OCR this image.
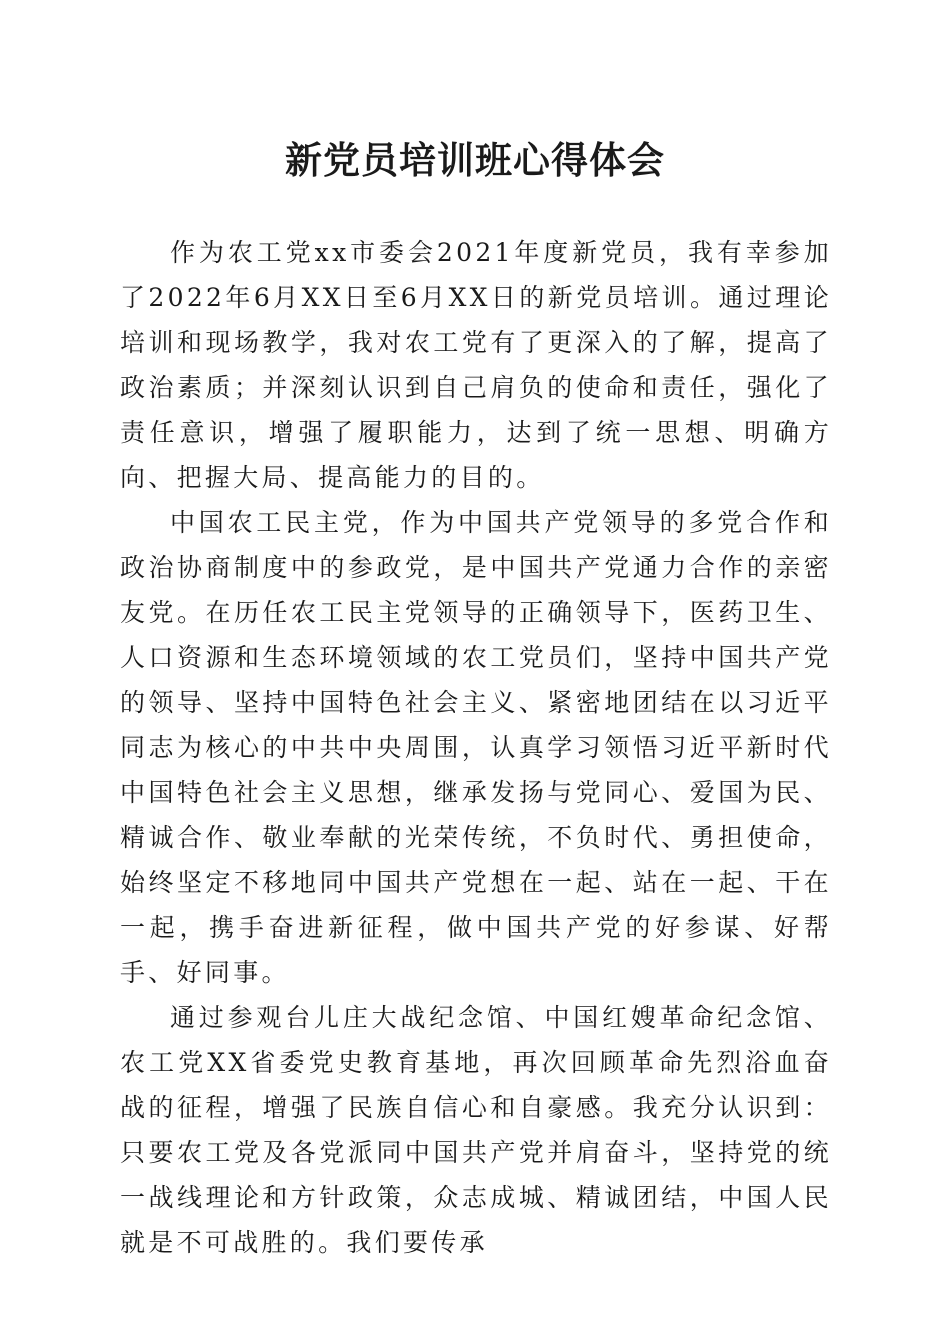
新党员培训班心得体会

作为农工党xx市委会2021年度新党员，我有幸参加了2022年6月XX日至6月XX日的新党员培训。通过理论培训和现场教学，我对农工党有了更深入的了解，提高了政治素质；并深刻认识到自己肩负的使命和责任，强化了责任意识，增强了履职能力，达到了统一思想、明确方向、把握大局、提高能力的目的。

中国农工民主党，作为中国共产党领导的多党合作和政治协商制度中的参政党，是中国共产党通力合作的亲密友党。在历任农工民主党领导的正确领导下，医药卫生、人口资源和生态环境领域的农工党员们，坚持中国共产党的领导、坚持中国特色社会主义、紧密地团结在以习近平同志为核心的中共中央周围，认真学习领悟习近平新时代中国特色社会主义思想，继承发扬与党同心、爱国为民、精诚合作、敬业奉献的光荣传统，不负时代、勇担使命，始终坚定不移地同中国共产党想在一起、站在一起、干在一起，携手奋进新征程，做中国共产党的好参谋、好帮手、好同事。

通过参观台儿庄大战纪念馆、中国红嫂革命纪念馆、农工党XX省委党史教育基地，再次回顾革命先烈浴血奋战的征程，增强了民族自信心和自豪感。我充分认识到：只要农工党及各党派同中国共产党并肩奋斗，坚持党的统一战线理论和方针政策，众志成城、精诚团结，中国人民就是不可战胜的。我们要传承
